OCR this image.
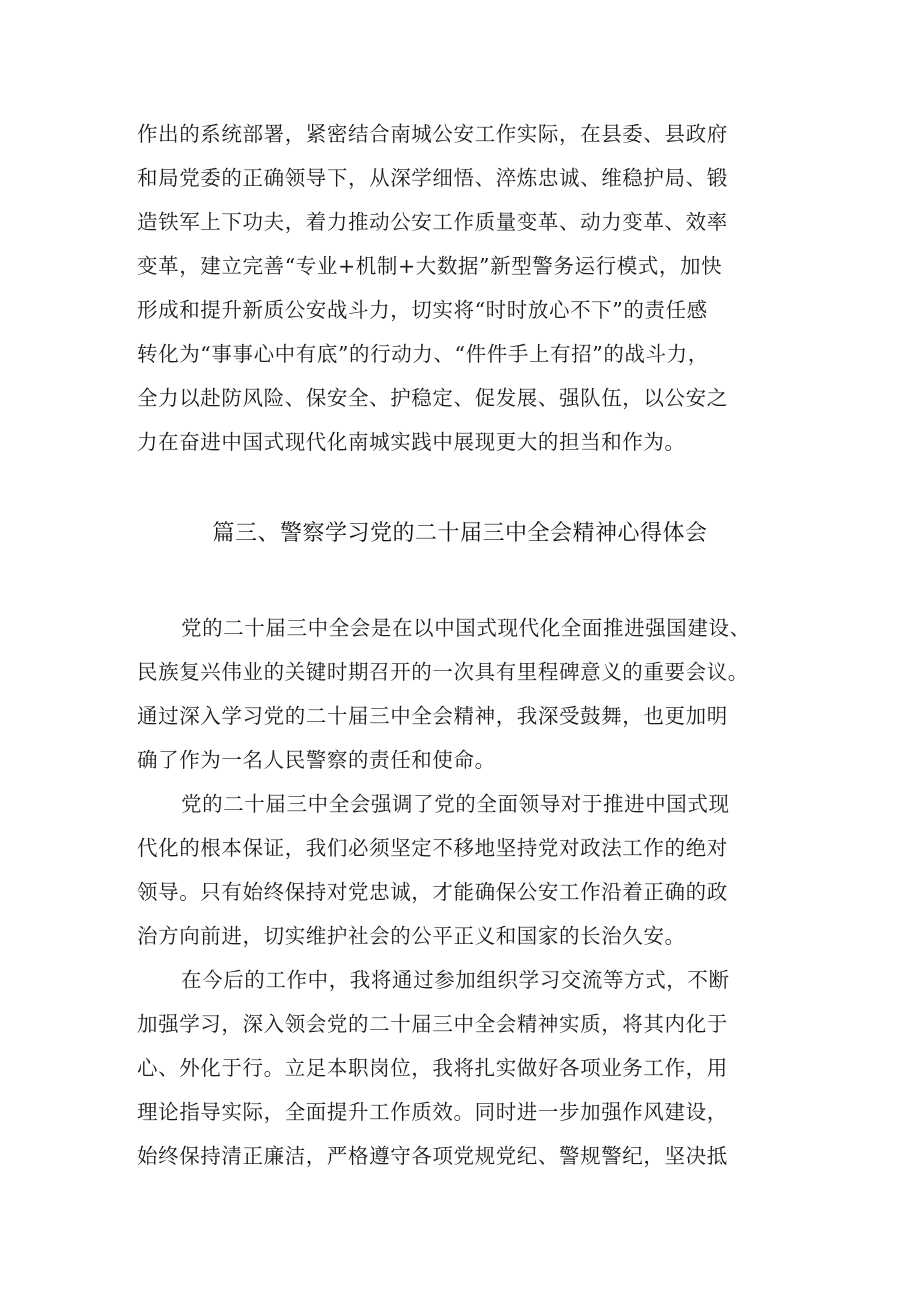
作出的系统部署，紧密结合南城公安工作实际，在县委、县政府
和局党委的正确领导下，从深学细悟、淬炼忠诚、维稳护局、锻
造铁军上下功夫，着力推动公安工作质量变革、动力变革、效率
变革，建立完善“专业+机制+大数据”新型警务运行模式，加快
形成和提升新质公安战斗力，切实将“时时放心不下”的责任感
转化为“事事心中有底”的行动力、“件件手上有招”的战斗力，
全力以赴防风险、保安全、护稳定、促发展、强队伍，以公安之
力在奋进中国式现代化南城实践中展现更大的担当和作为。
篇三、警察学习党的二十届三中全会精神心得体会
党的二十届三中全会是在以中国式现代化全面推进强国建设、
民族复兴伟业的关键时期召开的一次具有里程碑意义的重要会议。
通过深入学习党的二十届三中全会精神，我深受鼓舞，也更加明
确了作为一名人民警察的责任和使命。
党的二十届三中全会强调了党的全面领导对于推进中国式现
代化的根本保证，我们必须坚定不移地坚持党对政法工作的绝对
领导。只有始终保持对党忠诚，才能确保公安工作沿着正确的政
治方向前进，切实维护社会的公平正义和国家的长治久安。
在今后的工作中，我将通过参加组织学习交流等方式，不断
加强学习，深入领会党的二十届三中全会精神实质，将其内化于
心、外化于行。立足本职岗位，我将扎实做好各项业务工作，用
理论指导实际，全面提升工作质效。同时进一步加强作风建设，
始终保持清正廉洁，严格遵守各项党规党纪、警规警纪，坚决抵
